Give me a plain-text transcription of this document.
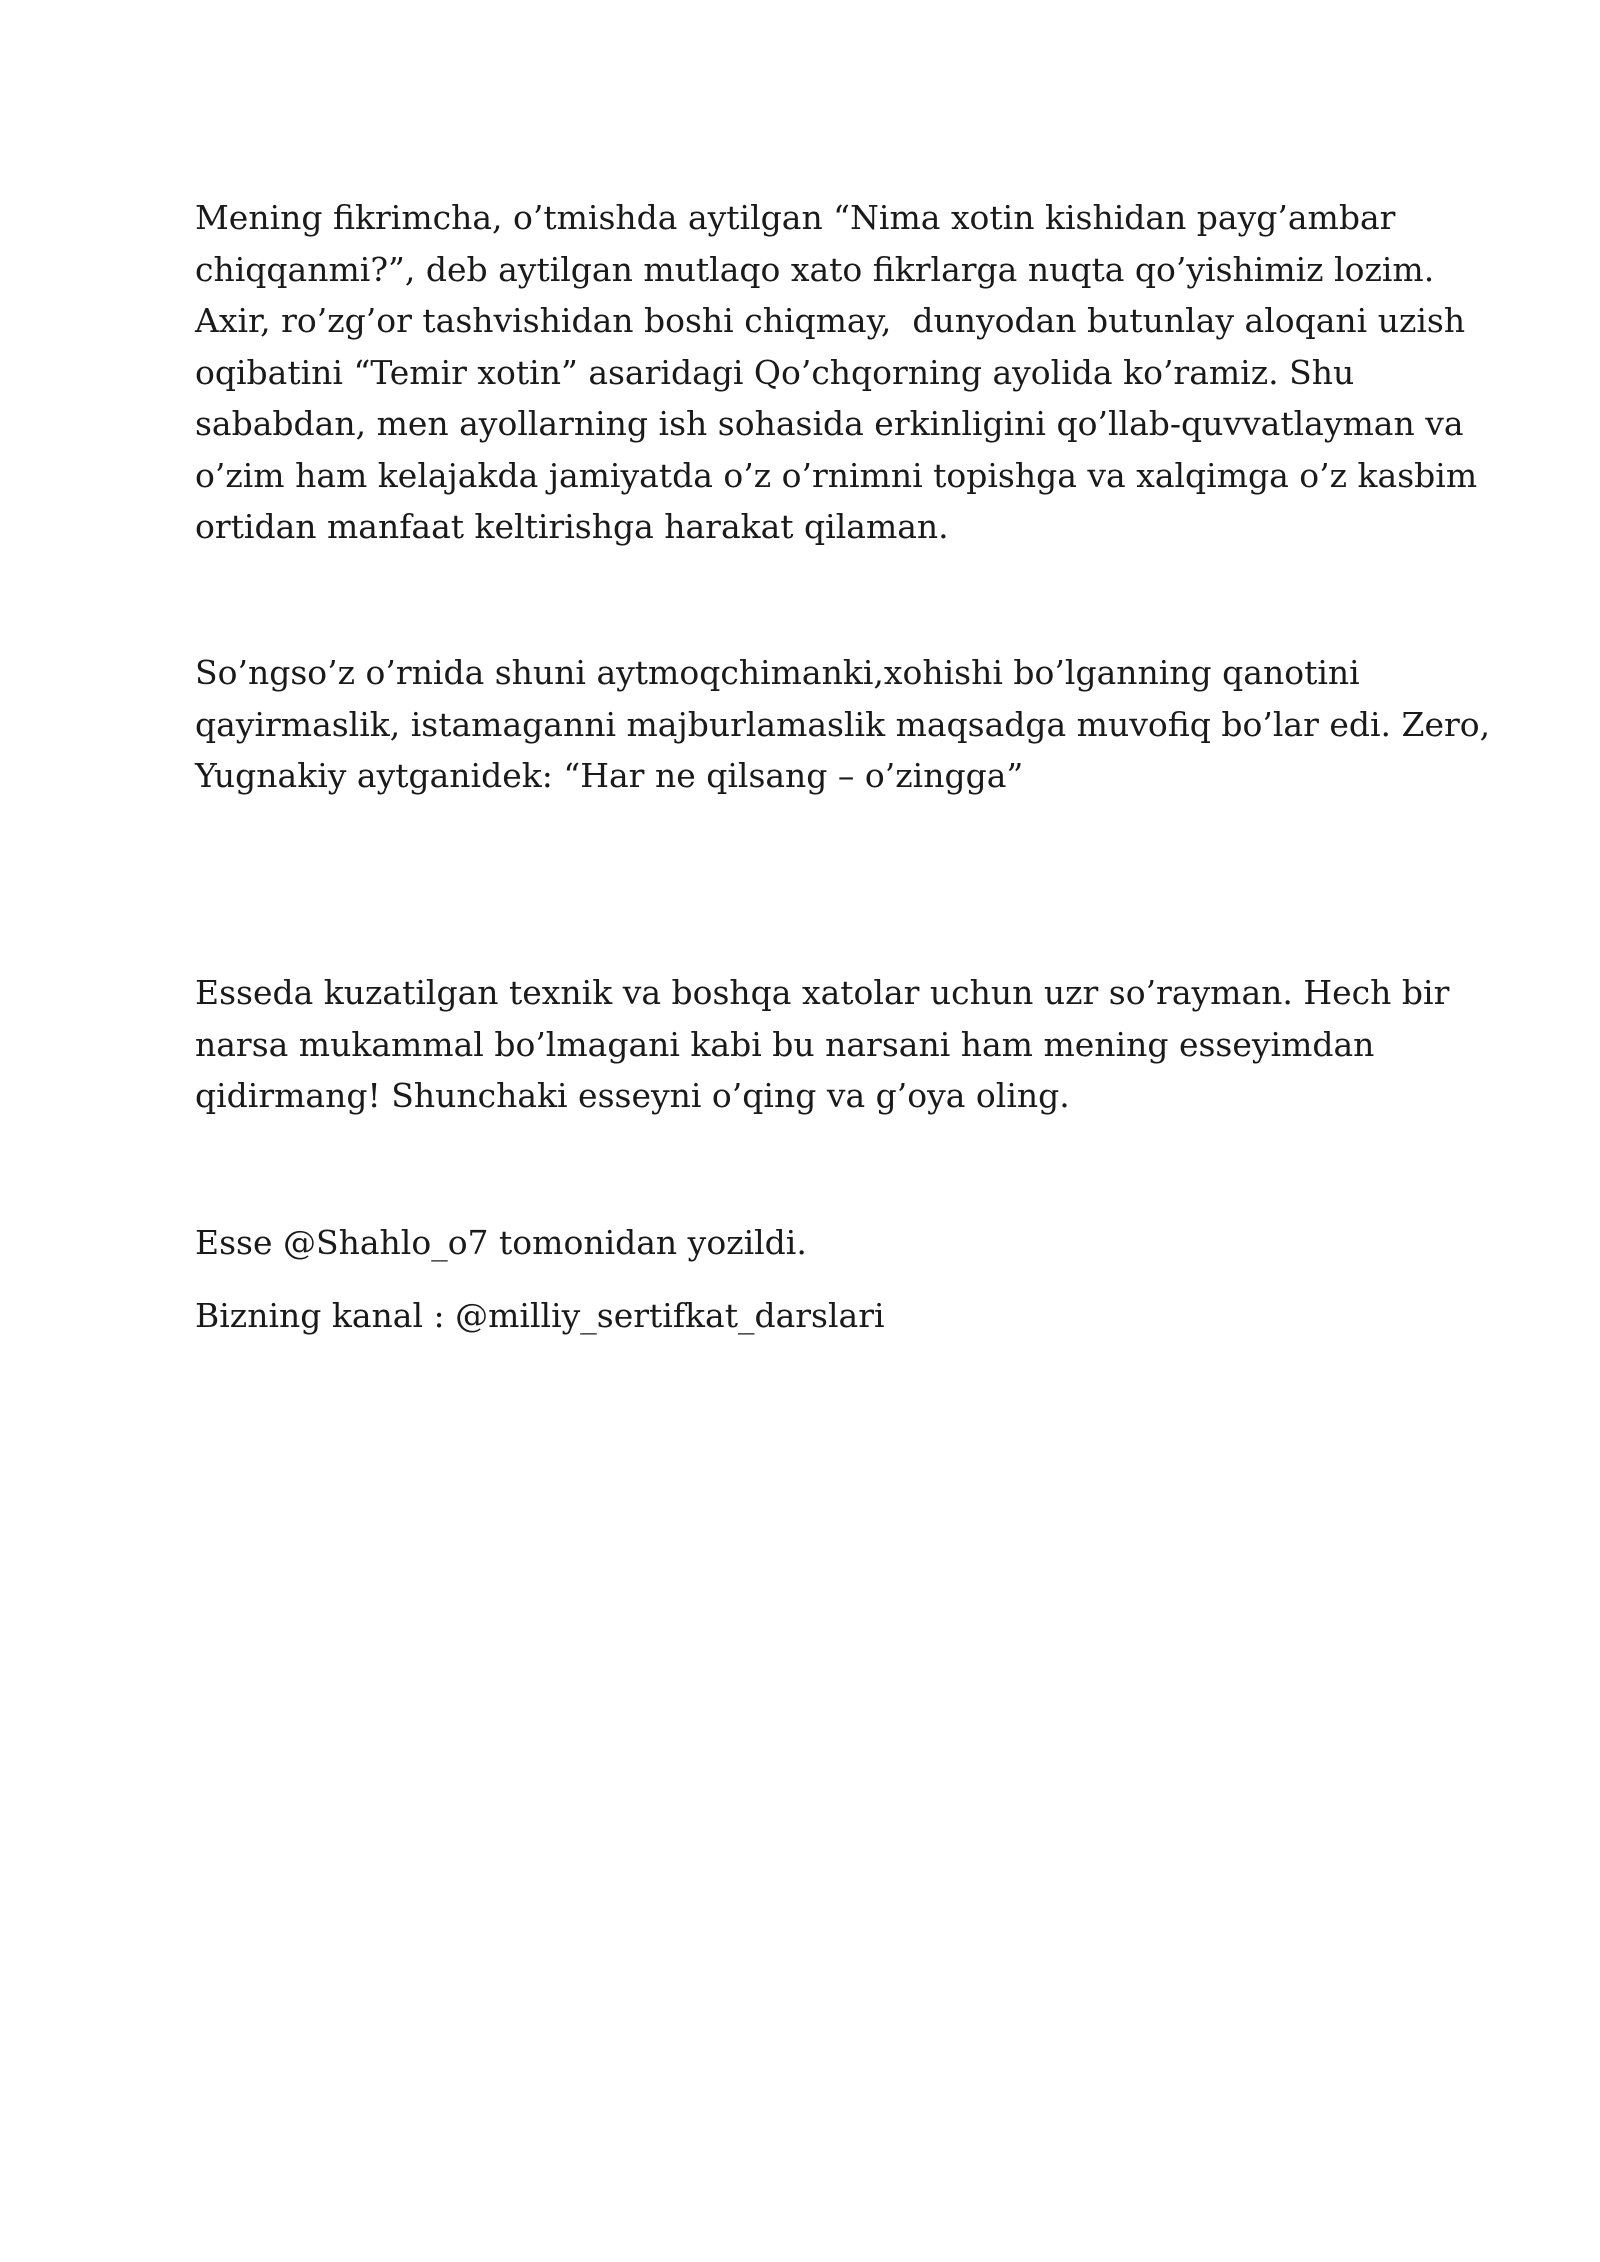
Mening fikrimcha, o’tmishda aytilgan “Nima xotin kishidan payg’ambar
chiqqanmi?”, deb aytilgan mutlaqo xato fikrlarga nuqta qo’yishimiz lozim.
Axir, ro’zg’or tashvishidan boshi chiqmay,  dunyodan butunlay aloqani uzish
oqibatini “Temir xotin” asaridagi Qo’chqorning ayolida ko’ramiz. Shu
sababdan, men ayollarning ish sohasida erkinligini qo’llab-quvvatlayman va
o’zim ham kelajakda jamiyatda o’z o’rnimni topishga va xalqimga o’z kasbim
ortidan manfaat keltirishga harakat qilaman.
So’ngso’z o’rnida shuni aytmoqchimanki,xohishi bo’lganning qanotini
qayirmaslik, istamaganni majburlamaslik maqsadga muvofiq bo’lar edi. Zero,
Yugnakiy aytganidek: “Har ne qilsang – o’zingga”
Esseda kuzatilgan texnik va boshqa xatolar uchun uzr so’rayman. Hech bir
narsa mukammal bo’lmagani kabi bu narsani ham mening esseyimdan
qidirmang! Shunchaki esseyni o’qing va g’oya oling.
Esse @Shahlo_o7 tomonidan yozildi.
Bizning kanal : @milliy_sertifkat_darslari
